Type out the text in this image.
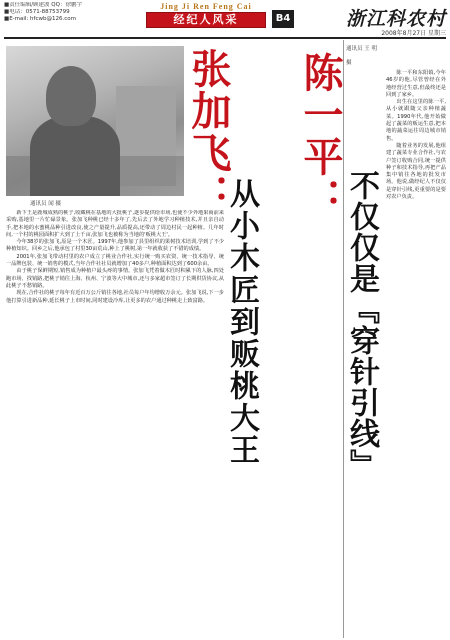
■责任编辑/顾建波 QQ：徐鹏宇
■电话：0571-88753799
■E-mail: hfcwb@126.com
Jing Ji Ren Feng Cai
经纪人风采	B4	浙江科农村
2008年8月27日 星期三
通讯员 闻 摄	张加飞：
从小木匠到贩桃大王

新下王是鹿城成熟的桃子,收藏桃在基地的大批桃子,逐步提供给市场,也使不少外地果商前来采购,基地里一片忙碌景象。张加飞种桃已经十多年了,先后去了外地学习种植技术,并且亲自动手,把本地的水蜜桃品种引进改良,使之产量提升,品质提高,还带动了周边村民一起种植。几年时间,一个村的桃园面积扩大到了上千亩,张加飞也被称为当地的'贩桃大王'。

今年38岁的张加飞,原是一个木匠。1997年,他参加了县里组织的果树技术培训,学到了不少种植知识。回乡之后,他承包了村里30亩荒山,种上了桃树,第一年就收获了不错的成绩。

2001年,张加飞带动村里的农户成立了桃业合作社,实行统一购买农资、统一技术指导、统一品牌包装、统一销售的模式,当年合作社社员就增加了40多户,种植面积达到了600余亩。

由于桃子保鲜期短,销售成为种植户最头疼的事情。张加飞凭着做木匠时积累下的人脉,四处跑市场、找销路,把桃子销往上海、杭州、宁波等大中城市,还与多家超市签订了长期供货协议,从此桃子不愁销路。

现在,合作社的桃子每年有近百万公斤销往各地,社员每户年均增收万余元。张加飞说,下一步他打算引进新品种,延长桃子上市时间,同时建设冷库,让更多的农户通过种桃走上致富路。

陈一平：
不仅仅是『穿针引线』
通讯员 王 明
摄

陈一平和东阳镇,今年46岁的他,尽管曾经在外地经营过生意,但最终还是回到了家乡。

出生在这里的陈一平,从小就跟随父亲种植蔬菜。1990年代,他开始做起了蔬菜的贩运生意,把本地的蔬菜运往周边城市销售。

随着业务的发展,他组建了蔬菜专业合作社,与农户签订收购合同,统一提供种子和技术指导,再把产品集中销往各地的批发市场。他说,做经纪人不仅仅是穿针引线,更重要的是要对农户负责。
